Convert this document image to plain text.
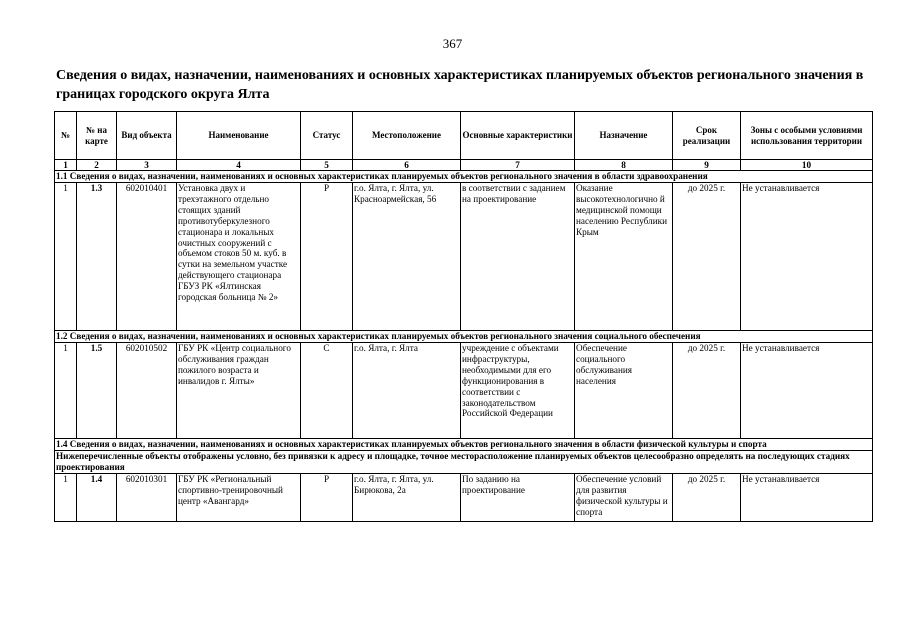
367
Сведения о видах, назначении, наименованиях и основных характеристиках планируемых объектов регионального значения в границах городского округа Ялта
№	№ на карте	Вид объекта	Наименование	Статус	Местоположение	Основные характеристики	Назначение	Срок реализации	Зоны с особыми условиями использования территории
1	2	3	4	5	6	7	8	9	10
1.1 Сведения о видах, назначении, наименованиях и основных характеристиках планируемых объектов регионального значения в области здравоохранения									
1	1.3	602010401	Установка двух и трехэтажного отдельно стоящих зданий противотуберкулезного стационара и локальных очистных сооружений с объемом стоков 50 м. куб. в сутки на земельном участке действующего стационара ГБУЗ РК «Ялтинская городская больница № 2»	Р	г.о. Ялта, г. Ялта, ул. Красноармейская, 56	в соответствии с заданием на проектирование	Оказание высокотехнологично й медицинской помощи населению Республики Крым	до 2025 г.	Не устанавливается
1.2 Сведения о видах, назначении, наименованиях и основных характеристиках планируемых объектов регионального значения социального обеспечения									
1	1.5	602010502	ГБУ РК «Центр социального обслуживания граждан пожилого возраста и инвалидов г. Ялты»	С	г.о. Ялта, г. Ялта	учреждение с объектами инфраструктуры, необходимыми для его функционирования в соответствии с законодательством Российской Федерации	Обеспечение социального обслуживания населения	до 2025 г.	Не устанавливается
1.4 Сведения о видах, назначении, наименованиях и основных характеристиках планируемых объектов регионального значения в области физической культуры и спорта									
Нижеперечисленные объекты отображены условно, без привязки к адресу и площадке, точное месторасположение планируемых объектов целесообразно определять на последующих стадиях проектирования									
1	1.4	602010301	ГБУ РК «Региональный спортивно-тренировочный центр «Авангард»	Р	г.о. Ялта, г. Ялта, ул. Бирюкова, 2а	По заданию на проектирование	Обеспечение условий для развития физической культуры и спорта	до 2025 г.	Не устанавливается
